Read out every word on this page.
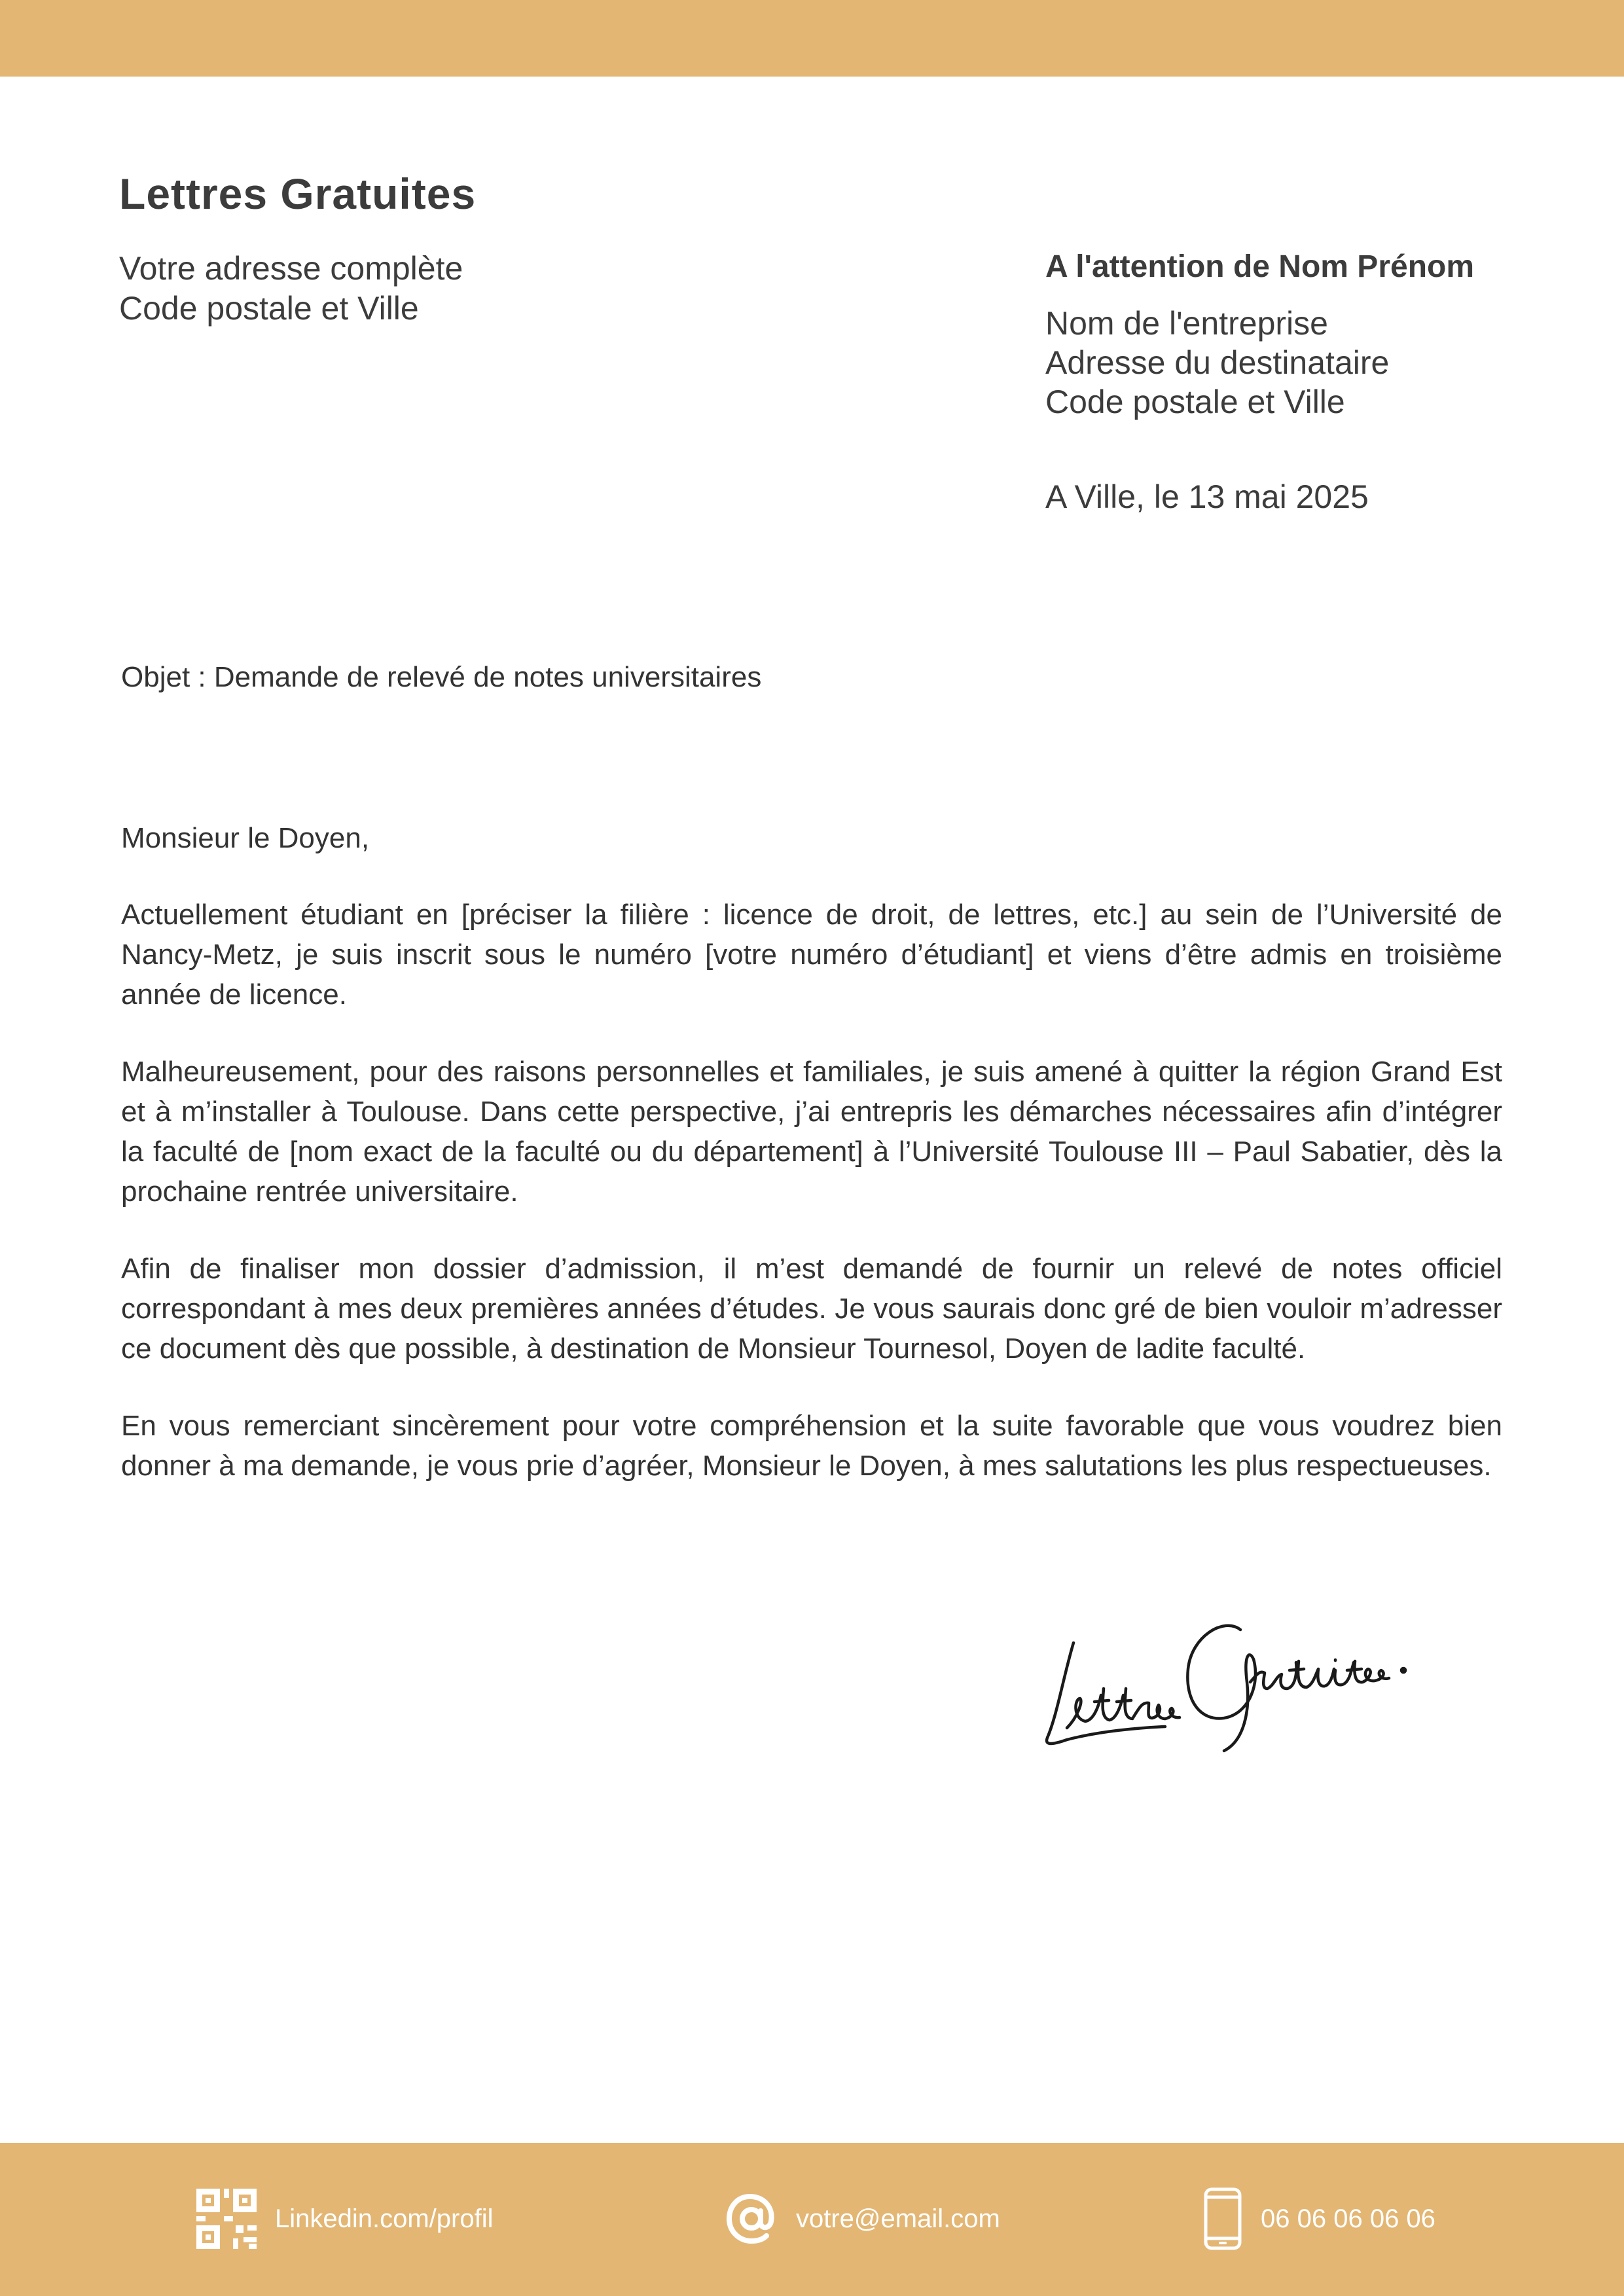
Lettres Gratuites
Votre adresse complète
Code postale et Ville
A l'attention de Nom Prénom
Nom de l'entreprise
Adresse du destinataire
Code postale et Ville
A Ville, le 13 mai 2025
Objet : Demande de relevé de notes universitaires

Monsieur le Doyen,

Actuellement étudiant en [préciser la filière : licence de droit, de lettres, etc.] au sein de l’Université de Nancy-Metz, je suis inscrit sous le numéro [votre numéro d’étudiant] et viens d’être admis en troisième année de licence.

Malheureusement, pour des raisons personnelles et familiales, je suis amené à quitter la région Grand Est et à m’installer à Toulouse. Dans cette perspective, j’ai entrepris les démarches nécessaires afin d’intégrer la faculté de [nom exact de la faculté ou du département] à l’Université Toulouse III – Paul Sabatier, dès la prochaine rentrée universitaire.

Afin de finaliser mon dossier d’admission, il m’est demandé de fournir un relevé de notes officiel correspondant à mes deux premières années d’études. Je vous saurais donc gré de bien vouloir m’adresser ce document dès que possible, à destination de Monsieur Tournesol, Doyen de ladite faculté.

En vous remerciant sincèrement pour votre compréhension et la suite favorable que vous voudrez bien donner à ma demande, je vous prie d’agréer, Monsieur le Doyen, à mes salutations les plus respectueuses.

Linkedin.com/profil	votre@email.com	06 06 06 06 06
